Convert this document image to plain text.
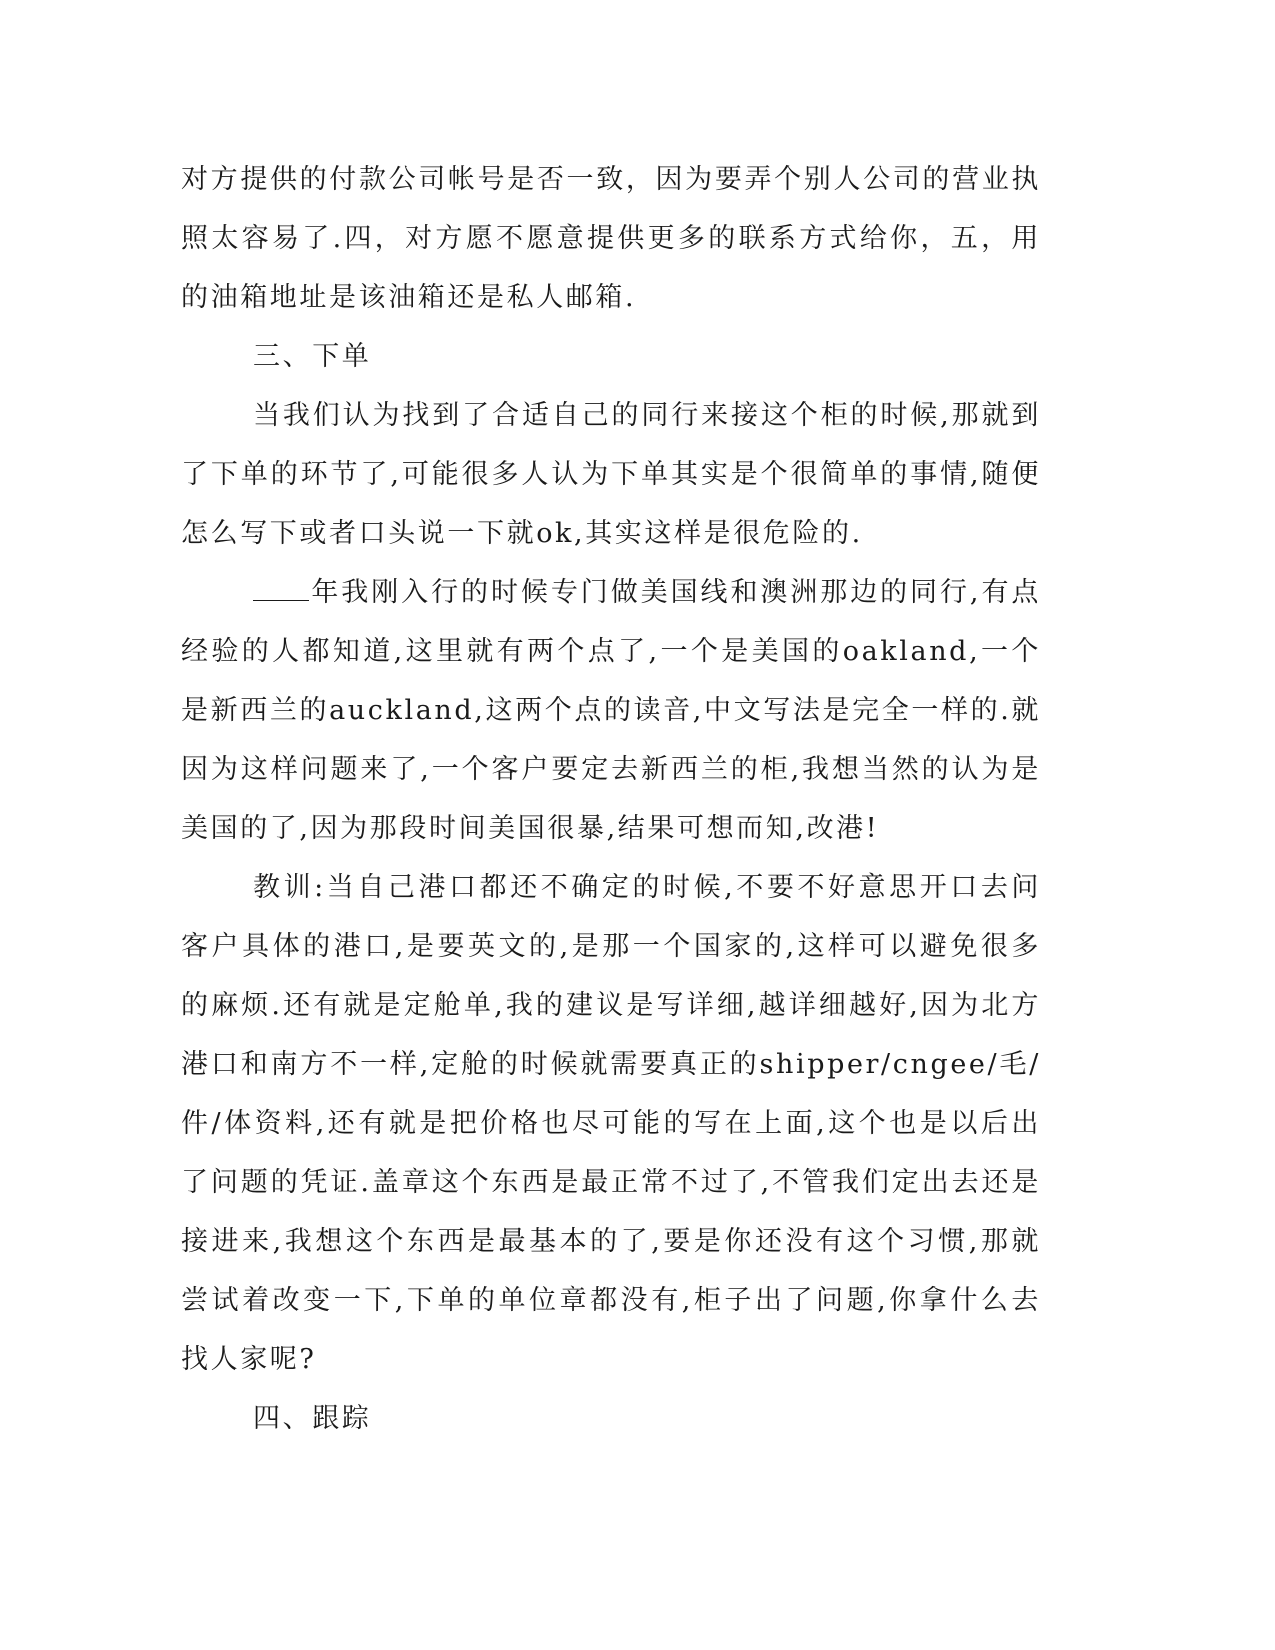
对方提供的付款公司帐号是否一致，因为要弄个别人公司的营业执照太容易了.四，对方愿不愿意提供更多的联系方式给你，五，用的油箱地址是该油箱还是私人邮箱.

三、下单

当我们认为找到了合适自己的同行来接这个柜的时候,那就到了下单的环节了,可能很多人认为下单其实是个很简单的事情,随便怎么写下或者口头说一下就ok,其实这样是很危险的.

年我刚入行的时候专门做美国线和澳洲那边的同行,有点经验的人都知道,这里就有两个点了,一个是美国的oakland,一个是新西兰的auckland,这两个点的读音,中文写法是完全一样的.就因为这样问题来了,一个客户要定去新西兰的柜,我想当然的认为是美国的了,因为那段时间美国很暴,结果可想而知,改港!

教训:当自己港口都还不确定的时候,不要不好意思开口去问客户具体的港口,是要英文的,是那一个国家的,这样可以避免很多的麻烦.还有就是定舱单,我的建议是写详细,越详细越好,因为北方港口和南方不一样,定舱的时候就需要真正的shipper/cngee/毛/件/体资料,还有就是把价格也尽可能的写在上面,这个也是以后出了问题的凭证.盖章这个东西是最正常不过了,不管我们定出去还是接进来,我想这个东西是最基本的了,要是你还没有这个习惯,那就尝试着改变一下,下单的单位章都没有,柜子出了问题,你拿什么去找人家呢?

四、跟踪
